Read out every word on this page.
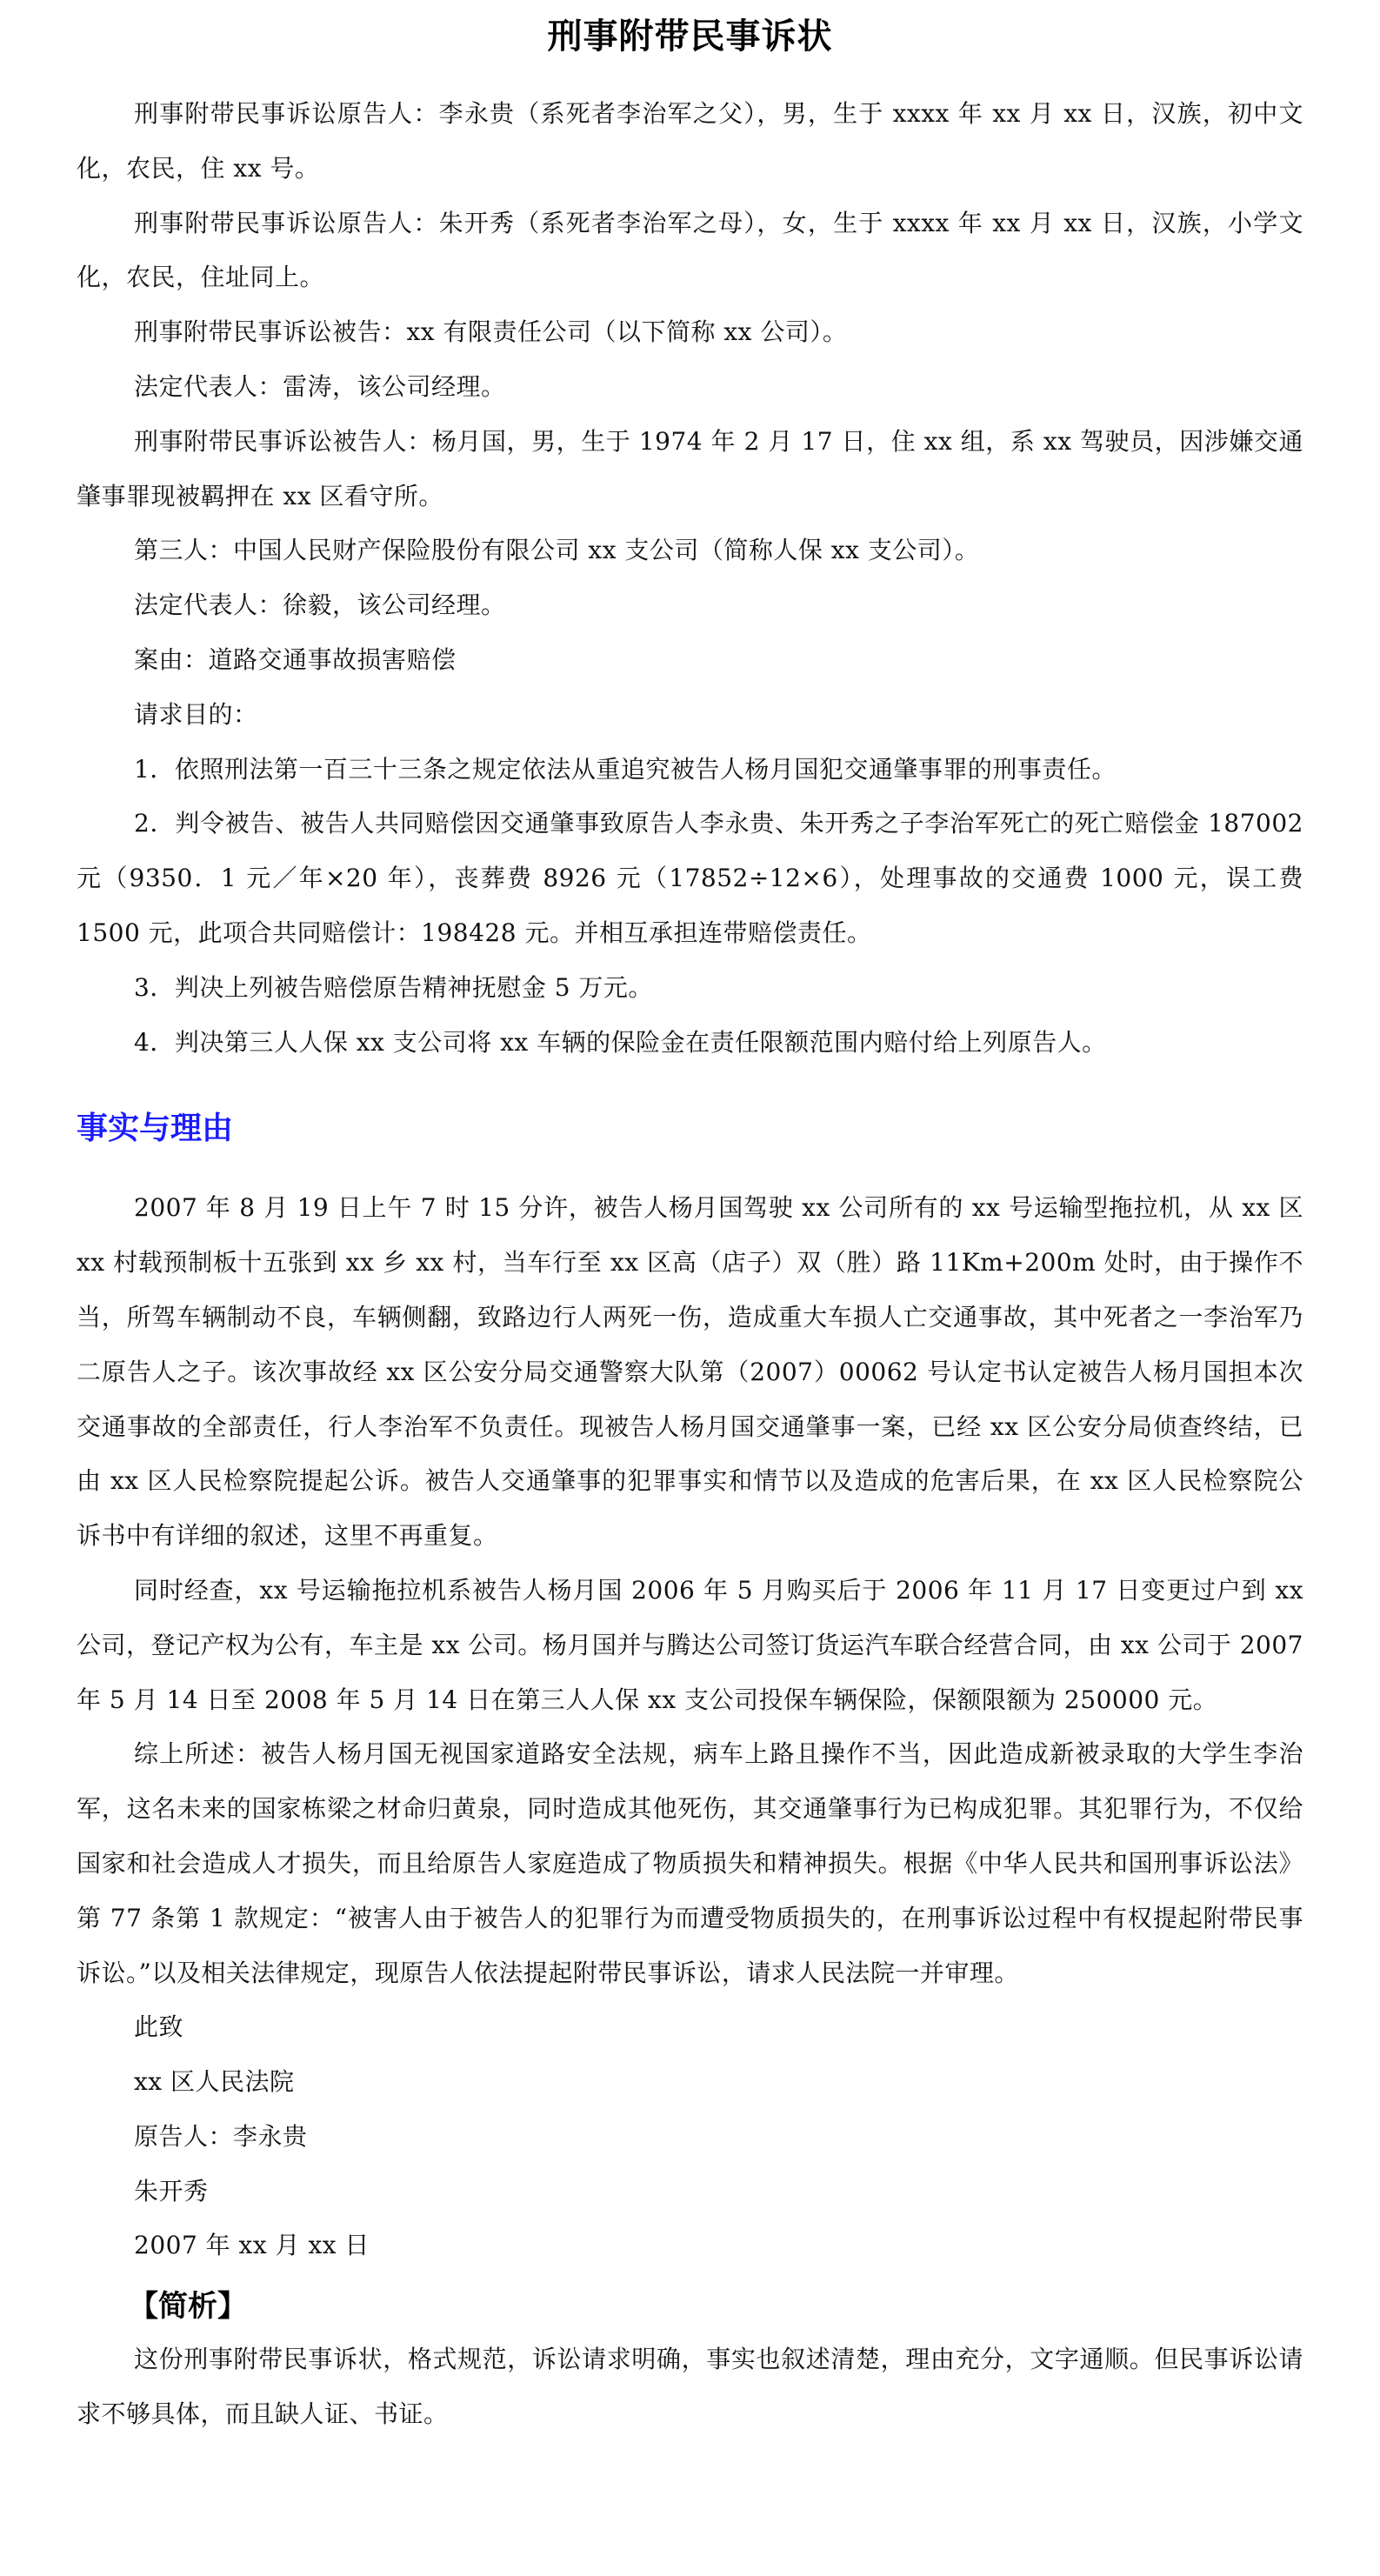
刑事附带民事诉状

刑事附带民事诉讼原告人：李永贵（系死者李治军之父），男，生于 xxxx 年 xx 月 xx 日，汉族，初中文化，农民，住 xx 号。

刑事附带民事诉讼原告人：朱开秀（系死者李治军之母），女，生于 xxxx 年 xx 月 xx 日，汉族，小学文化，农民，住址同上。

刑事附带民事诉讼被告：xx 有限责任公司（以下简称 xx 公司）。

法定代表人：雷涛，该公司经理。

刑事附带民事诉讼被告人：杨月国，男，生于 1974 年 2 月 17 日，住 xx 组，系 xx 驾驶员，因涉嫌交通肇事罪现被羁押在 xx 区看守所。

第三人：中国人民财产保险股份有限公司 xx 支公司（简称人保 xx 支公司）。

法定代表人：徐毅，该公司经理。

案由：道路交通事故损害赔偿

请求目的：

1．依照刑法第一百三十三条之规定依法从重追究被告人杨月国犯交通肇事罪的刑事责任。

2．判令被告、被告人共同赔偿因交通肇事致原告人李永贵、朱开秀之子李治军死亡的死亡赔偿金 187002 元（9350．1 元／年×20 年），丧葬费 8926 元（17852÷12×6），处理事故的交通费 1000 元，误工费 1500 元，此项合共同赔偿计：198428 元。并相互承担连带赔偿责任。

3．判决上列被告赔偿原告精神抚慰金 5 万元。

4．判决第三人人保 xx 支公司将 xx 车辆的保险金在责任限额范围内赔付给上列原告人。

事实与理由

2007 年 8 月 19 日上午 7 时 15 分许，被告人杨月国驾驶 xx 公司所有的 xx 号运输型拖拉机，从 xx 区 xx 村载预制板十五张到 xx 乡 xx 村，当车行至 xx 区高（店子）双（胜）路 11Km+200m 处时，由于操作不当，所驾车辆制动不良，车辆侧翻，致路边行人两死一伤，造成重大车损人亡交通事故，其中死者之一李治军乃二原告人之子。该次事故经 xx 区公安分局交通警察大队第（2007）00062 号认定书认定被告人杨月国担本次交通事故的全部责任，行人李治军不负责任。现被告人杨月国交通肇事一案，已经 xx 区公安分局侦查终结，已由 xx 区人民检察院提起公诉。被告人交通肇事的犯罪事实和情节以及造成的危害后果，在 xx 区人民检察院公诉书中有详细的叙述，这里不再重复。

同时经查，xx 号运输拖拉机系被告人杨月国 2006 年 5 月购买后于 2006 年 11 月 17 日变更过户到 xx 公司，登记产权为公有，车主是 xx 公司。杨月国并与腾达公司签订货运汽车联合经营合同，由 xx 公司于 2007 年 5 月 14 日至 2008 年 5 月 14 日在第三人人保 xx 支公司投保车辆保险，保额限额为 250000 元。

综上所述：被告人杨月国无视国家道路安全法规，病车上路且操作不当，因此造成新被录取的大学生李治军，这名未来的国家栋梁之材命归黄泉，同时造成其他死伤，其交通肇事行为已构成犯罪。其犯罪行为，不仅给国家和社会造成人才损失，而且给原告人家庭造成了物质损失和精神损失。根据《中华人民共和国刑事诉讼法》第 77 条第 1 款规定：“被害人由于被告人的犯罪行为而遭受物质损失的，在刑事诉讼过程中有权提起附带民事诉讼。”以及相关法律规定，现原告人依法提起附带民事诉讼，请求人民法院一并审理。

此致

xx 区人民法院

原告人：李永贵

朱开秀

2007 年 xx 月 xx 日

【简析】

这份刑事附带民事诉状，格式规范，诉讼请求明确，事实也叙述清楚，理由充分，文字通顺。但民事诉讼请求不够具体，而且缺人证、书证。
